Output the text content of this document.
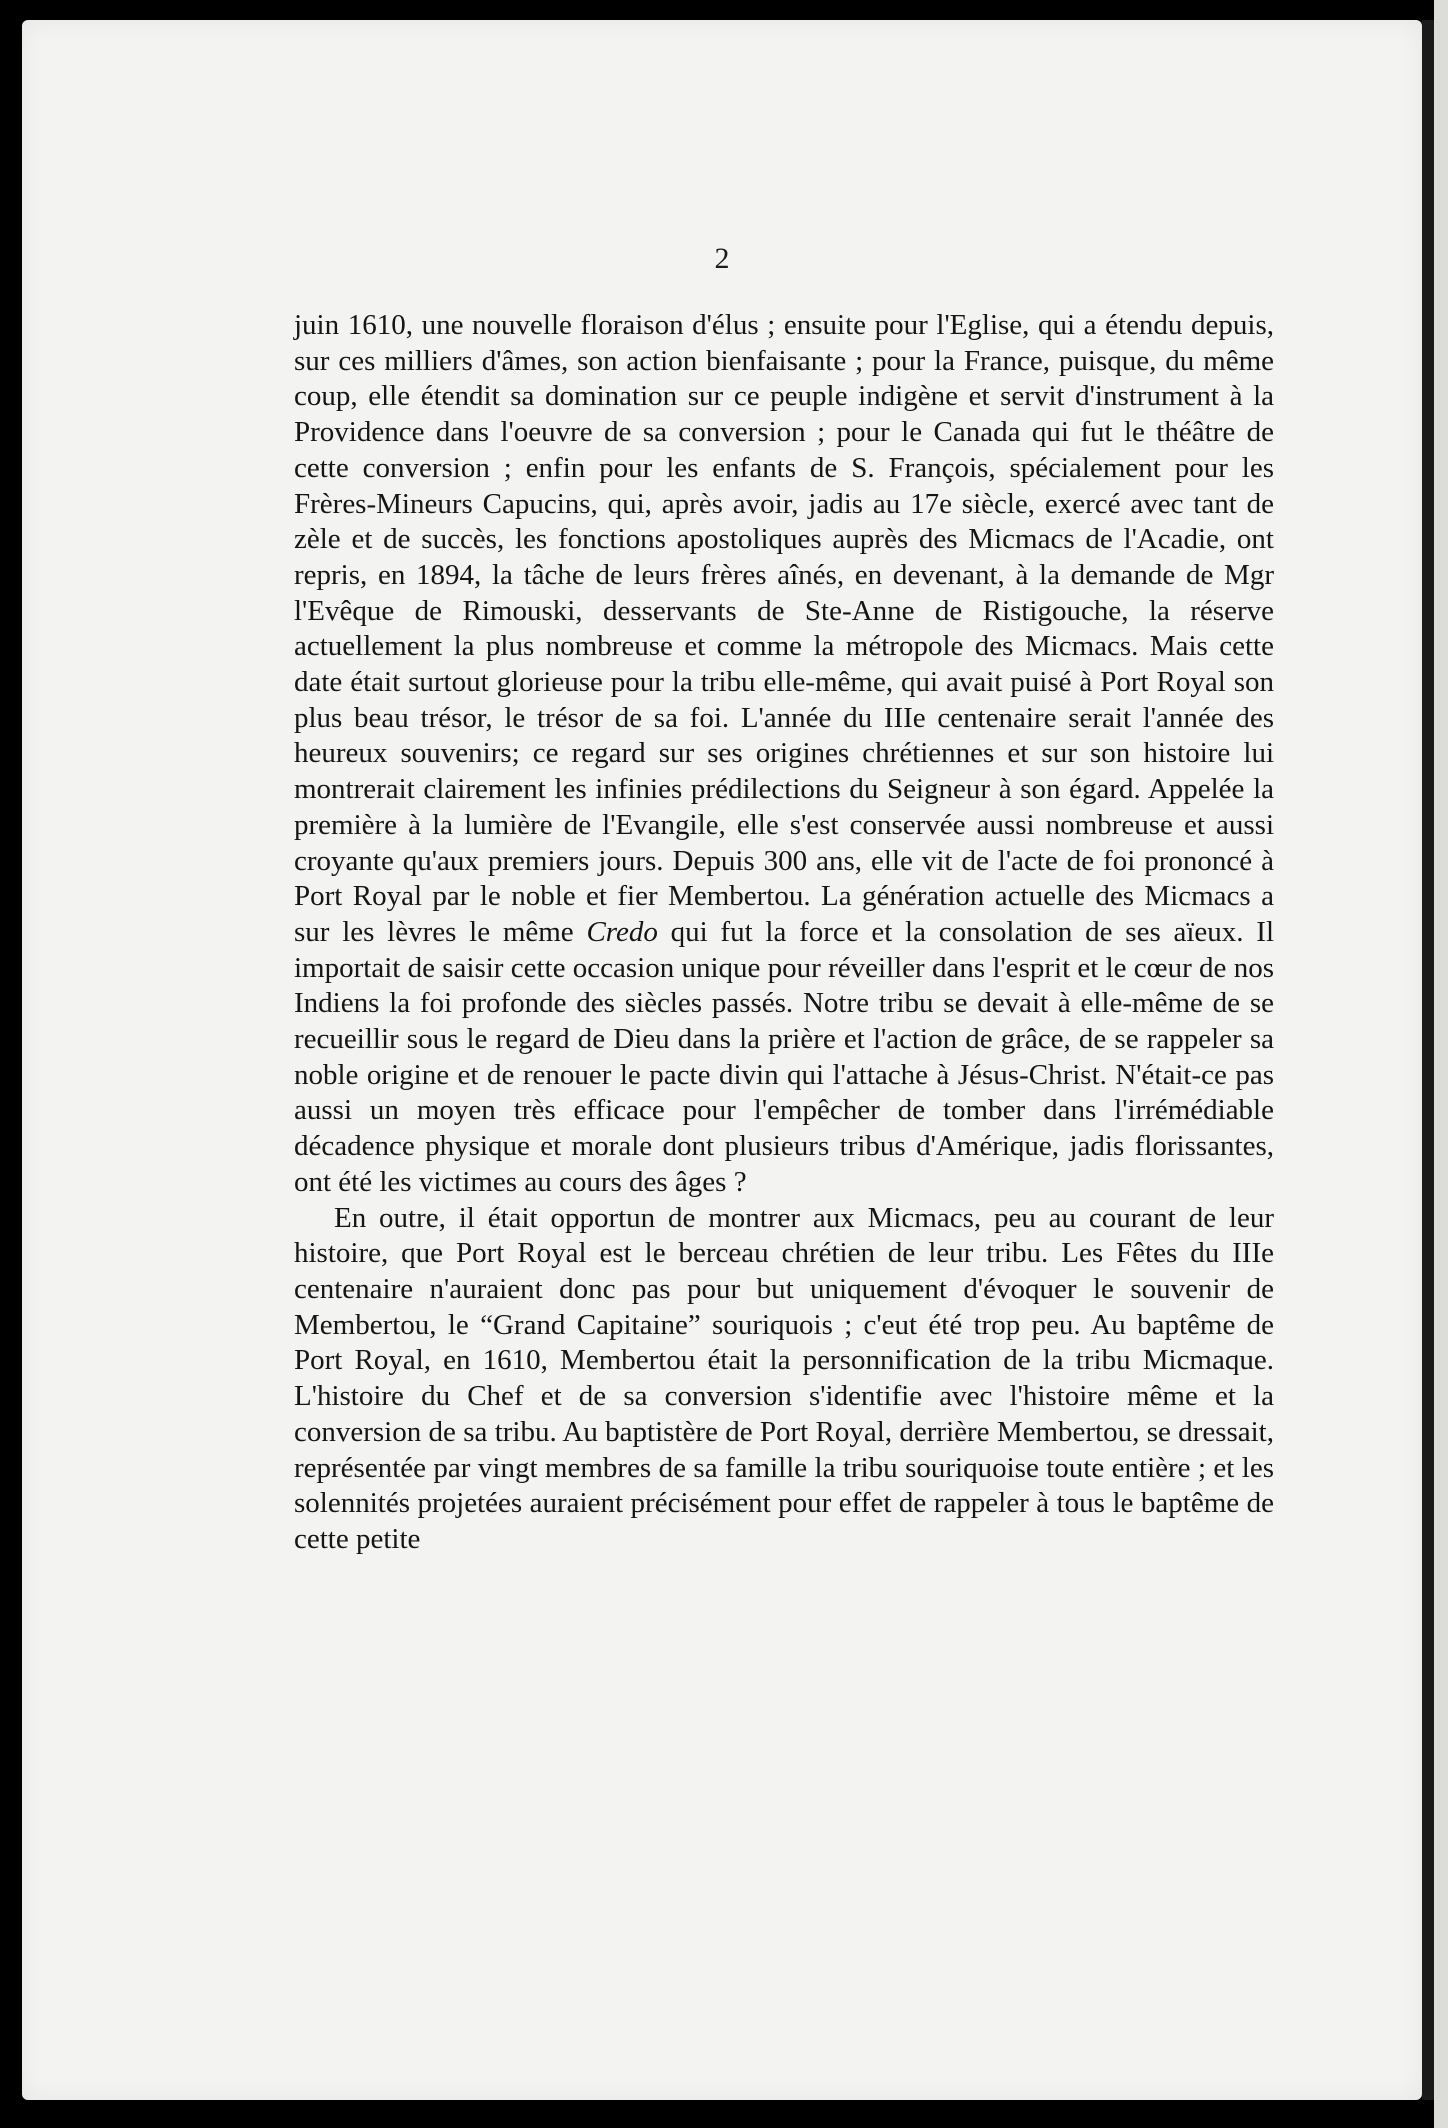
2

juin 1610, une nouvelle floraison d'élus ; ensuite pour l'Eglise, qui a étendu depuis, sur ces milliers d'âmes, son action bienfaisante ; pour la France, puisque, du même coup, elle étendit sa domination sur ce peuple indigène et servit d'instrument à la Providence dans l'oeuvre de sa conversion ; pour le Canada qui fut le théâtre de cette conversion ; enfin pour les enfants de S. François, spécialement pour les Frères-Mineurs Capucins, qui, après avoir, jadis au 17e siècle, exercé avec tant de zèle et de succès, les fonctions apostoliques auprès des Micmacs de l'Acadie, ont repris, en 1894, la tâche de leurs frères aînés, en devenant, à la demande de Mgr l'Evêque de Rimouski, desservants de Ste-Anne de Ristigouche, la réserve actuellement la plus nombreuse et comme la métropole des Micmacs. Mais cette date était surtout glorieuse pour la tribu elle-même, qui avait puisé à Port Royal son plus beau trésor, le trésor de sa foi. L'année du IIIe centenaire serait l'année des heureux souvenirs; ce regard sur ses origines chrétiennes et sur son histoire lui montrerait clairement les infinies prédilections du Seigneur à son égard. Appelée la première à la lumière de l'Evangile, elle s'est conservée aussi nombreuse et aussi croyante qu'aux premiers jours. Depuis 300 ans, elle vit de l'acte de foi prononcé à Port Royal par le noble et fier Membertou. La génération actuelle des Micmacs a sur les lèvres le même Credo qui fut la force et la consolation de ses aïeux. Il importait de saisir cette occasion unique pour réveiller dans l'esprit et le cœur de nos Indiens la foi profonde des siècles passés. Notre tribu se devait à elle-même de se recueillir sous le regard de Dieu dans la prière et l'action de grâce, de se rappeler sa noble origine et de renouer le pacte divin qui l'attache à Jésus-Christ. N'était-ce pas aussi un moyen très efficace pour l'empêcher de tomber dans l'irrémédiable décadence physique et morale dont plusieurs tribus d'Amérique, jadis florissantes, ont été les victimes au cours des âges ?

En outre, il était opportun de montrer aux Micmacs, peu au courant de leur histoire, que Port Royal est le berceau chrétien de leur tribu. Les Fêtes du IIIe centenaire n'auraient donc pas pour but uniquement d'évoquer le souvenir de Membertou, le “Grand Capitaine” souriquois ; c'eut été trop peu. Au baptême de Port Royal, en 1610, Membertou était la personnification de la tribu Micmaque. L'histoire du Chef et de sa conversion s'identifie avec l'histoire même et la conversion de sa tribu. Au baptistère de Port Royal, derrière Membertou, se dressait, représentée par vingt membres de sa famille la tribu souriquoise toute entière ; et les solennités projetées auraient précisément pour effet de rappeler à tous le baptême de cette petite
